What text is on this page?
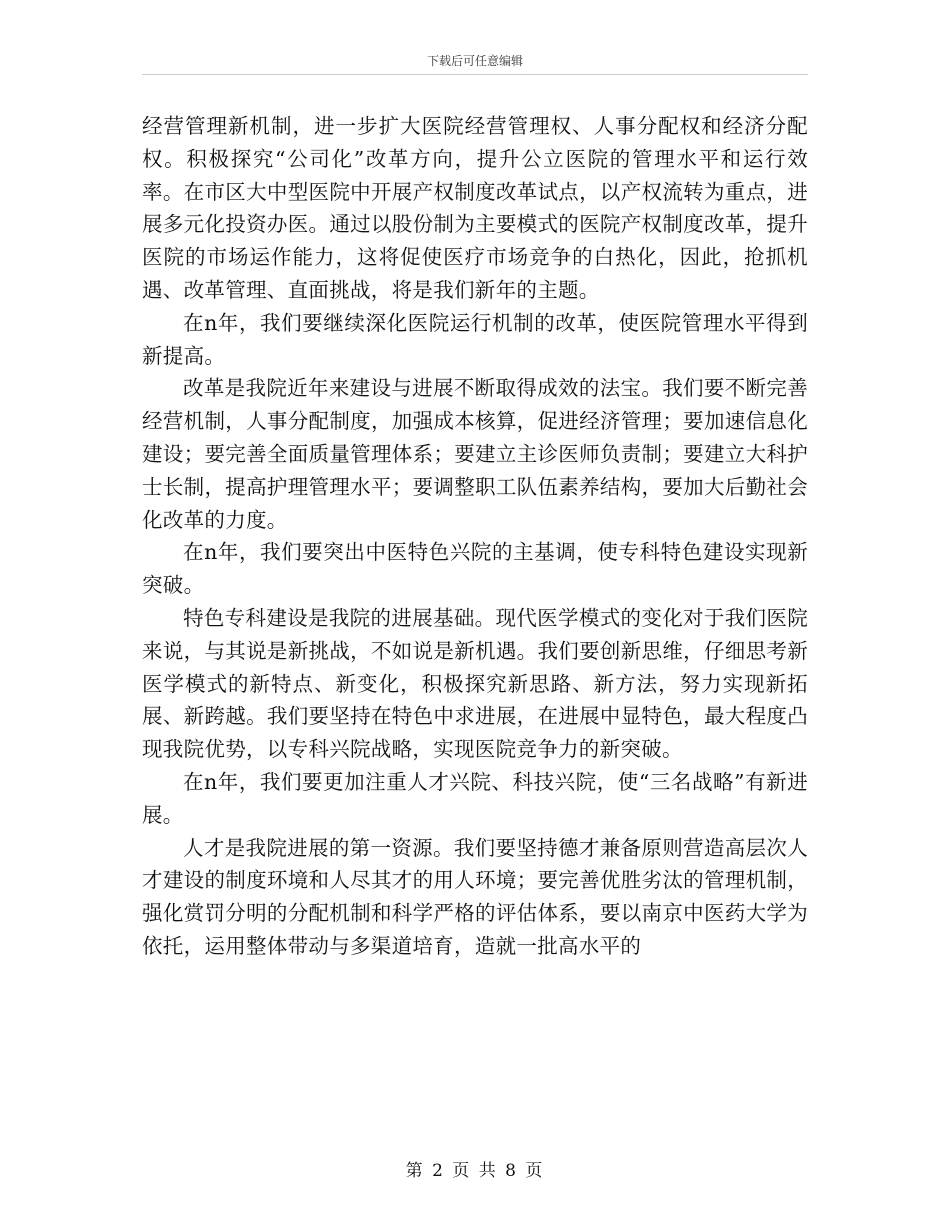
下载后可任意编辑

经营管理新机制，进一步扩大医院经营管理权、人事分配权和经济分配权。积极探究“公司化”改革方向，提升公立医院的管理水平和运行效率。在市区大中型医院中开展产权制度改革试点，以产权流转为重点，进展多元化投资办医。通过以股份制为主要模式的医院产权制度改革，提升医院的市场运作能力，这将促使医疗市场竞争的白热化，因此，抢抓机遇、改革管理、直面挑战，将是我们新年的主题。

在n年，我们要继续深化医院运行机制的改革，使医院管理水平得到新提高。

改革是我院近年来建设与进展不断取得成效的法宝。我们要不断完善经营机制，人事分配制度，加强成本核算，促进经济管理；要加速信息化建设；要完善全面质量管理体系；要建立主诊医师负责制；要建立大科护士长制，提高护理管理水平；要调整职工队伍素养结构，要加大后勤社会化改革的力度。

在n年，我们要突出中医特色兴院的主基调，使专科特色建设实现新突破。

特色专科建设是我院的进展基础。现代医学模式的变化对于我们医院来说，与其说是新挑战，不如说是新机遇。我们要创新思维，仔细思考新医学模式的新特点、新变化，积极探究新思路、新方法，努力实现新拓展、新跨越。我们要坚持在特色中求进展，在进展中显特色，最大程度凸现我院优势，以专科兴院战略，实现医院竞争力的新突破。

在n年，我们要更加注重人才兴院、科技兴院，使“三名战略”有新进展。

人才是我院进展的第一资源。我们要坚持德才兼备原则营造高层次人才建设的制度环境和人尽其才的用人环境；要完善优胜劣汰的管理机制，强化赏罚分明的分配机制和科学严格的评估体系，要以南京中医药大学为依托，运用整体带动与多渠道培育，造就一批高水平的

第 2 页 共 8 页
